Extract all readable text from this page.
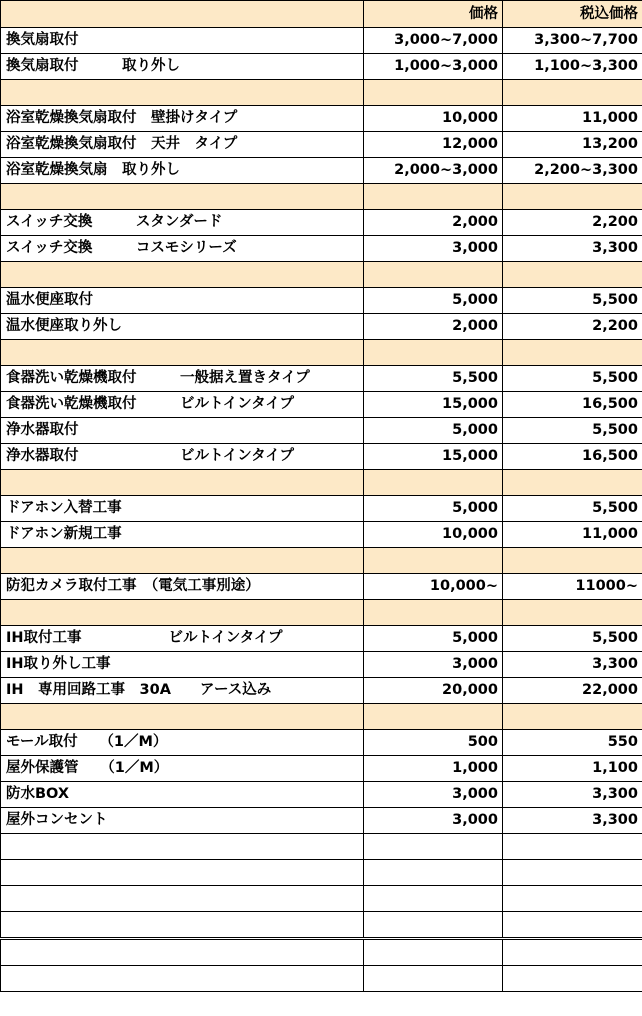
	価格	税込価格
換気扇取付	3,000~7,000	3,300~7,700
換気扇取付　　　取り外し	1,000~3,000	1,100~3,300

浴室乾燥換気扇取付　壁掛けタイプ	10,000	11,000
浴室乾燥換気扇取付　天井　タイプ	12,000	13,200
浴室乾燥換気扇　取り外し	2,000~3,000	2,200~3,300

スイッチ交換　　　スタンダード	2,000	2,200
スイッチ交換　　　コスモシリーズ	3,000	3,300

温水便座取付	5,000	5,500
温水便座取り外し	2,000	2,200

食器洗い乾燥機取付　　　一般据え置きタイプ	5,500	5,500
食器洗い乾燥機取付　　　ビルトインタイプ	15,000	16,500
浄水器取付	5,000	5,500
浄水器取付　　　　　　　ビルトインタイプ	15,000	16,500

ドアホン入替工事	5,000	5,500
ドアホン新規工事	10,000	11,000

防犯カメラ取付工事　（電気工事別途）	10,000~	11000~

IH取付工事　　　　　　ビルトインタイプ	5,000	5,500
IH取り外し工事	3,000	3,300
IH　専用回路工事　30A　　アース込み	20,000	22,000

モール取付　　（1／M）	500	550
屋外保護管　　（1／M）	1,000	1,100
防水BOX	3,000	3,300
屋外コンセント	3,000	3,300
